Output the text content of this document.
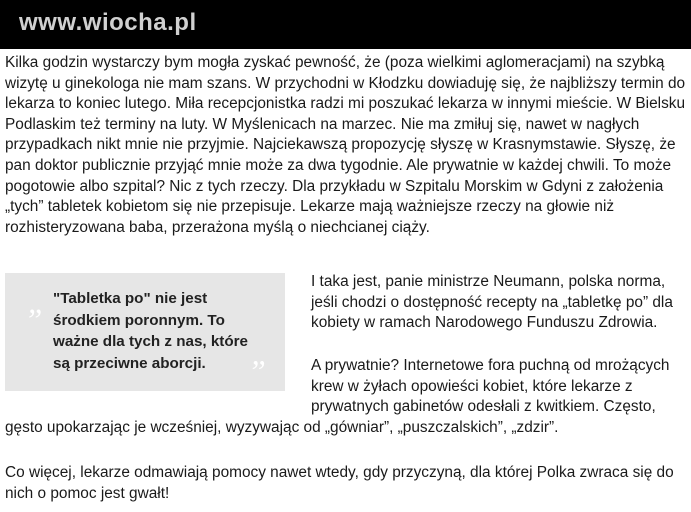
www.wiocha.pl

Kilka godzin wystarczy bym mogła zyskać pewność, że (poza wielkimi aglomeracjami) na szybką wizytę u ginekologa nie mam szans. W przychodni w Kłodzku dowiaduję się, że najbliższy termin do lekarza to koniec lutego. Miła recepcjonistka radzi mi poszukać lekarza w innymi mieście. W Bielsku Podlaskim też terminy na luty. W Myślenicach na marzec. Nie ma zmiłuj się, nawet w nagłych przypadkach nikt mnie nie przyjmie. Najciekawszą propozycję słyszę w Krasnymstawie. Słyszę, że pan doktor publicznie przyjąć mnie może za dwa tygodnie. Ale prywatnie w każdej chwili. To może pogotowie albo szpital? Nic z tych rzeczy. Dla przykładu w Szpitalu Morskim w Gdyni z założenia „tych” tabletek kobietom się nie przepisuje. Lekarze mają ważniejsze rzeczy na głowie niż rozhisteryzowana baba, przerażona myślą o niechcianej ciąży.

„ "Tabletka po" nie jest środkiem poronnym. To ważne dla tych z nas, które są przeciwne aborcji.	”

I taka jest, panie ministrze Neumann, polska norma, jeśli chodzi o dostępność recepty na „tabletkę po” dla kobiety w ramach Narodowego Funduszu Zdrowia.

A prywatnie? Internetowe fora puchną od mrożących
krew w żyłach opowieści kobiet, które lekarze z
prywatnych gabinetów odesłali z kwitkiem. Często,
gęsto upokarzając je wcześniej, wyzywając od „gówniar”, „puszczalskich”, „zdzir”.

Co więcej, lekarze odmawiają pomocy nawet wtedy, gdy przyczyną, dla której Polka zwraca się do nich o pomoc jest gwałt!
